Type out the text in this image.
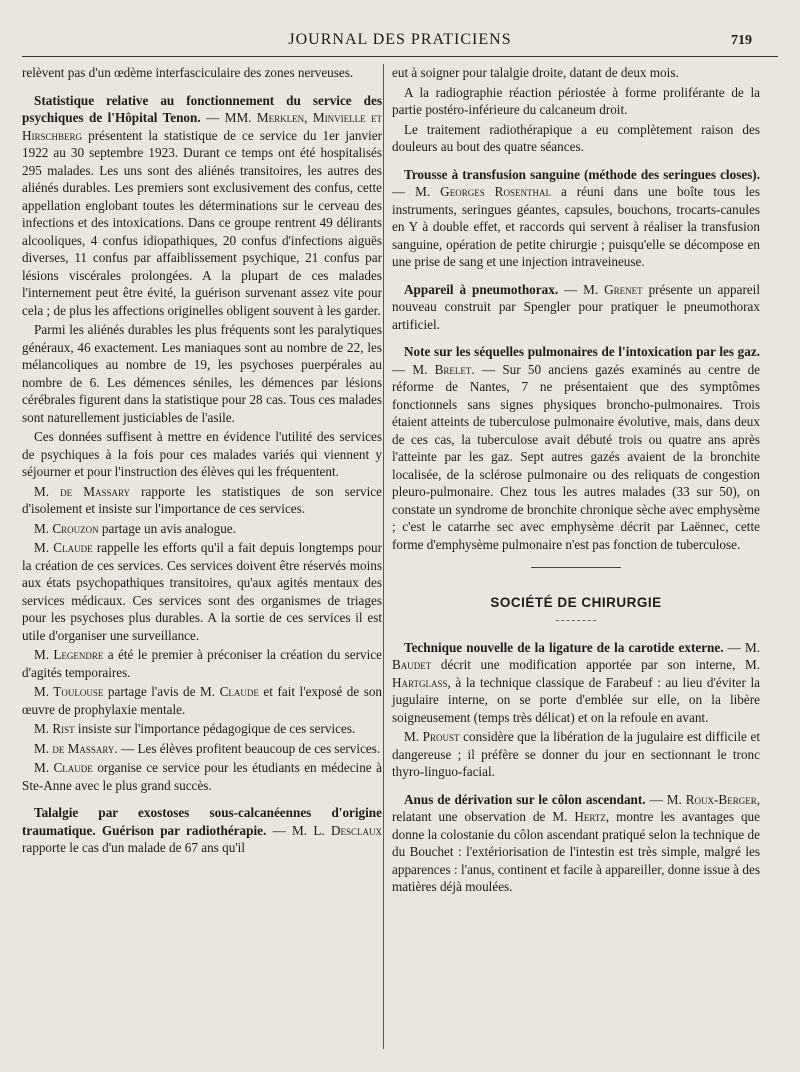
JOURNAL DES PRATICIENS	719

relèvent pas d'un œdème interfasciculaire des zones nerveuses.

Statistique relative au fonctionnement du service des psychiques de l'Hôpital Tenon. — MM. Merklen, Minvielle et Hirschberg présentent la statistique de ce service du 1er janvier 1922 au 30 septembre 1923. Durant ce temps ont été hospitalisés 295 malades. Les uns sont des aliénés transitoires, les autres des aliénés durables. Les premiers sont exclusivement des confus, cette appellation englobant toutes les déterminations sur le cerveau des infections et des intoxications. Dans ce groupe rentrent 49 délirants alcooliques, 4 confus idiopathiques, 20 confus d'infections aiguës diverses, 11 confus par affaiblissement psychique, 21 confus par lésions viscérales prolongées. A la plupart de ces malades l'internement peut être évité, la guérison survenant assez vite pour cela ; de plus les affections originelles obligent souvent à les garder.

Parmi les aliénés durables les plus fréquents sont les paralytiques généraux, 46 exactement. Les maniaques sont au nombre de 22, les mélancoliques au nombre de 19, les psychoses puerpérales au nombre de 6. Les démences séniles, les démences par lésions cérébrales figurent dans la statistique pour 28 cas. Tous ces malades sont naturellement justiciables de l'asile.

Ces données suffisent à mettre en évidence l'utilité des services de psychiques à la fois pour ces malades variés qui viennent y séjourner et pour l'instruction des élèves qui les fréquentent.

M. de Massary rapporte les statistiques de son service d'isolement et insiste sur l'importance de ces services.

M. Crouzon partage un avis analogue.

M. Claude rappelle les efforts qu'il a fait depuis longtemps pour la création de ces services. Ces services doivent être réservés moins aux états psychopathiques transitoires, qu'aux agités mentaux des services médicaux. Ces services sont des organismes de triages pour les psychoses plus durables. A la sortie de ces services il est utile d'organiser une surveillance.

M. Legendre a été le premier à préconiser la création du service d'agités temporaires.

M. Toulouse partage l'avis de M. Claude et fait l'exposé de son œuvre de prophylaxie mentale.

M. Rist insiste sur l'importance pédagogique de ces services.

M. de Massary. — Les élèves profitent beaucoup de ces services.

M. Claude organise ce service pour les étudiants en médecine à Ste-Anne avec le plus grand succès.

Talalgie par exostoses sous-calcanéennes d'origine traumatique. Guérison par radiothérapie. — M. L. Desclaux rapporte le cas d'un malade de 67 ans qu'il

eut à soigner pour talalgie droite, datant de deux mois.

A la radiographie réaction périostée à forme proliférante de la partie postéro-inférieure du calcaneum droit.

Le traitement radiothérapique a eu complètement raison des douleurs au bout des quatre séances.

Trousse à transfusion sanguine (méthode des seringues closes). — M. Georges Rosenthal a réuni dans une boîte tous les instruments, seringues géantes, capsules, bouchons, trocarts-canules en Y à double effet, et raccords qui servent à réaliser la transfusion sanguine, opération de petite chirurgie ; puisqu'elle se décompose en une prise de sang et une injection intraveineuse.

Appareil à pneumothorax. — M. Grenet présente un appareil nouveau construit par Spengler pour pratiquer le pneumothorax artificiel.

Note sur les séquelles pulmonaires de l'intoxication par les gaz. — M. Brelet. — Sur 50 anciens gazés examinés au centre de réforme de Nantes, 7 ne présentaient que des symptômes fonctionnels sans signes physiques broncho-pulmonaires. Trois étaient atteints de tuberculose pulmonaire évolutive, mais, dans deux de ces cas, la tuberculose avait débuté trois ou quatre ans après l'atteinte par les gaz. Sept autres gazés avaient de la bronchite localisée, de la sclérose pulmonaire ou des reliquats de congestion pleuro-pulmonaire. Chez tous les autres malades (33 sur 50), on constate un syndrome de bronchite chronique sèche avec emphysème ; c'est le catarrhe sec avec emphysème décrit par Laënnec, cette forme d'emphysème pulmonaire n'est pas fonction de tuberculose.

SOCIÉTÉ DE CHIRURGIE

Technique nouvelle de la ligature de la carotide externe. — M. Baudet décrit une modification apportée par son interne, M. Hartglass, à la technique classique de Farabeuf : au lieu d'éviter la jugulaire interne, on se porte d'emblée sur elle, on la libère soigneusement (temps très délicat) et on la refoule en avant.

M. Proust considère que la libération de la jugulaire est difficile et dangereuse ; il préfère se donner du jour en sectionnant le tronc thyro-linguo-facial.

Anus de dérivation sur le côlon ascendant. — M. Roux-Berger, relatant une observation de M. Hertz, montre les avantages que donne la colostanie du côlon ascendant pratiqué selon la technique de du Bouchet : l'extériorisation de l'intestin est très simple, malgré les apparences : l'anus, continent et facile à appareiller, donne issue à des matières déjà moulées.
